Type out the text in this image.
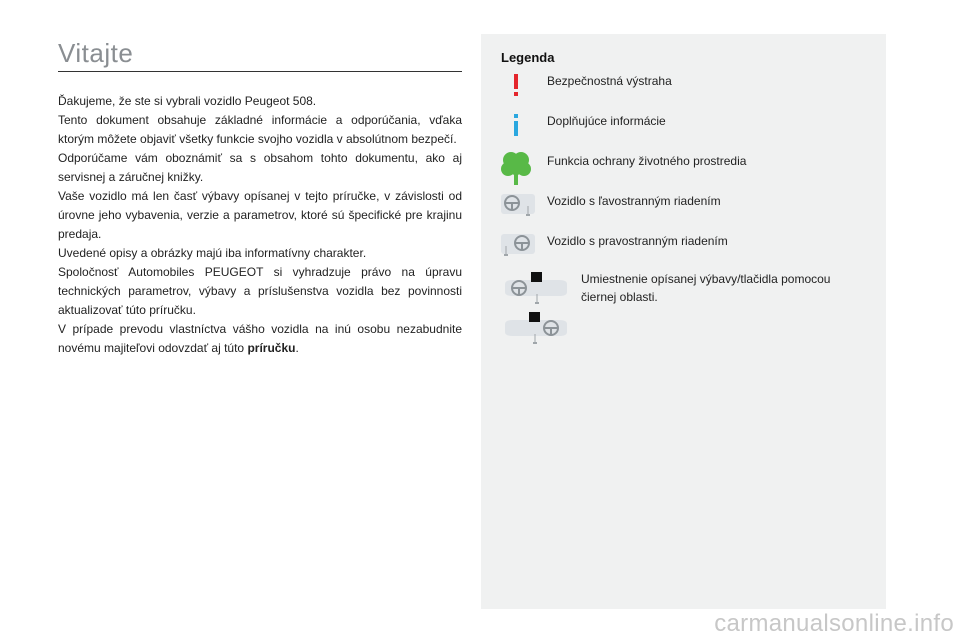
Vitajte

Ďakujeme, že ste si vybrali vozidlo Peugeot 508.

Tento dokument obsahuje základné informácie a odporúčania, vďaka ktorým môžete objaviť všetky funkcie svojho vozidla v absolútnom bezpečí.

Odporúčame vám oboznámiť sa s obsahom tohto dokumentu, ako aj servisnej a záručnej knižky.

Vaše vozidlo má len časť výbavy opísanej v tejto príručke, v závislosti od úrovne jeho vybavenia, verzie a parametrov, ktoré sú špecifické pre krajinu predaja.

Uvedené opisy a obrázky majú iba informatívny charakter.

Spoločnosť Automobiles PEUGEOT si vyhradzuje právo na úpravu technických parametrov, výbavy a príslušenstva vozidla bez povinnosti aktualizovať túto príručku.

V prípade prevodu vlastníctva vášho vozidla na inú osobu nezabudnite novému majiteľovi odovzdať aj túto príručku.

Legenda
Bezpečnostná výstraha
Doplňujúce informácie
Funkcia ochrany životného prostredia
Vozidlo s ľavostranným riadením
Vozidlo s pravostranným riadením
Umiestnenie opísanej výbavy/tlačidla pomocou čiernej oblasti.
carmanualsonline.info
